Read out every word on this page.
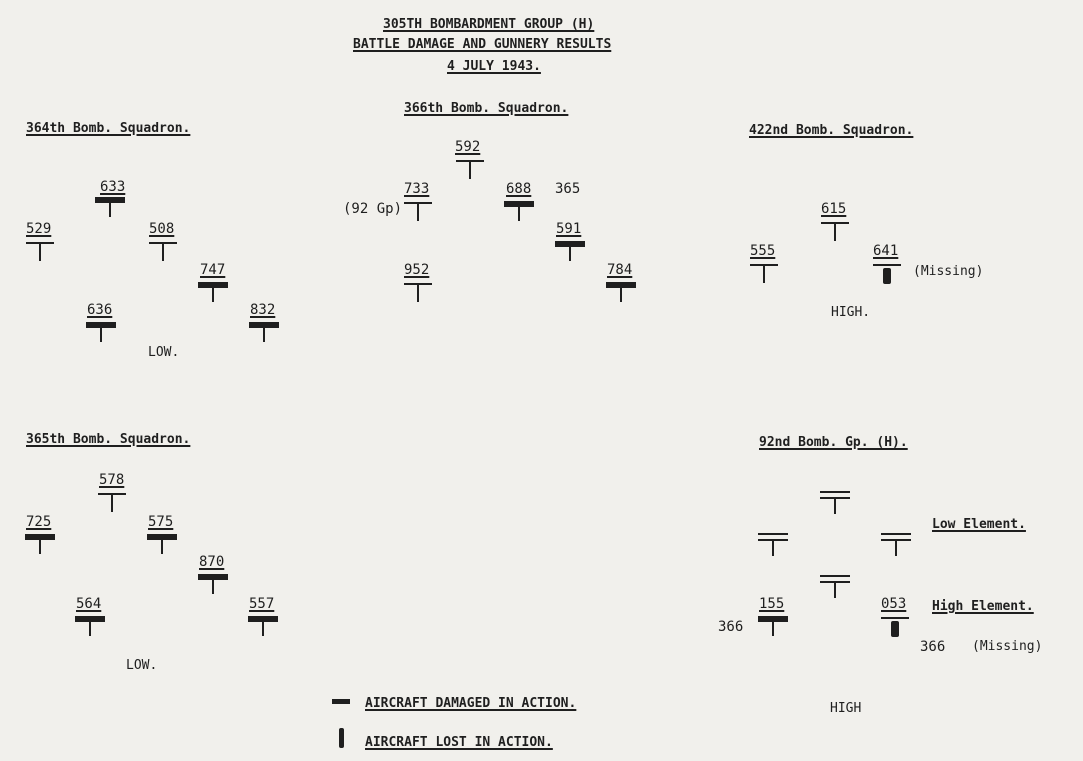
305TH BOMBARDMENT GROUP (H)
BATTLE DAMAGE AND GUNNERY RESULTS
4 JULY 1943.
364th Bomb. Squadron.
366th Bomb. Squadron.
422nd Bomb. Squadron.
365th Bomb. Squadron.	92nd Bomb. Gp. (H).
529
633
508
747
636	832
592
733	688
591
952	784
615
555	641
578
725	575
870
564	557	155	053
LOW.
(92 Gp)
365
(Missing)
HIGH.
LOW.
Low Element.
High Element.
366
366 (Missing)
HIGH
AIRCRAFT DAMAGED IN ACTION.
AIRCRAFT LOST IN ACTION.
